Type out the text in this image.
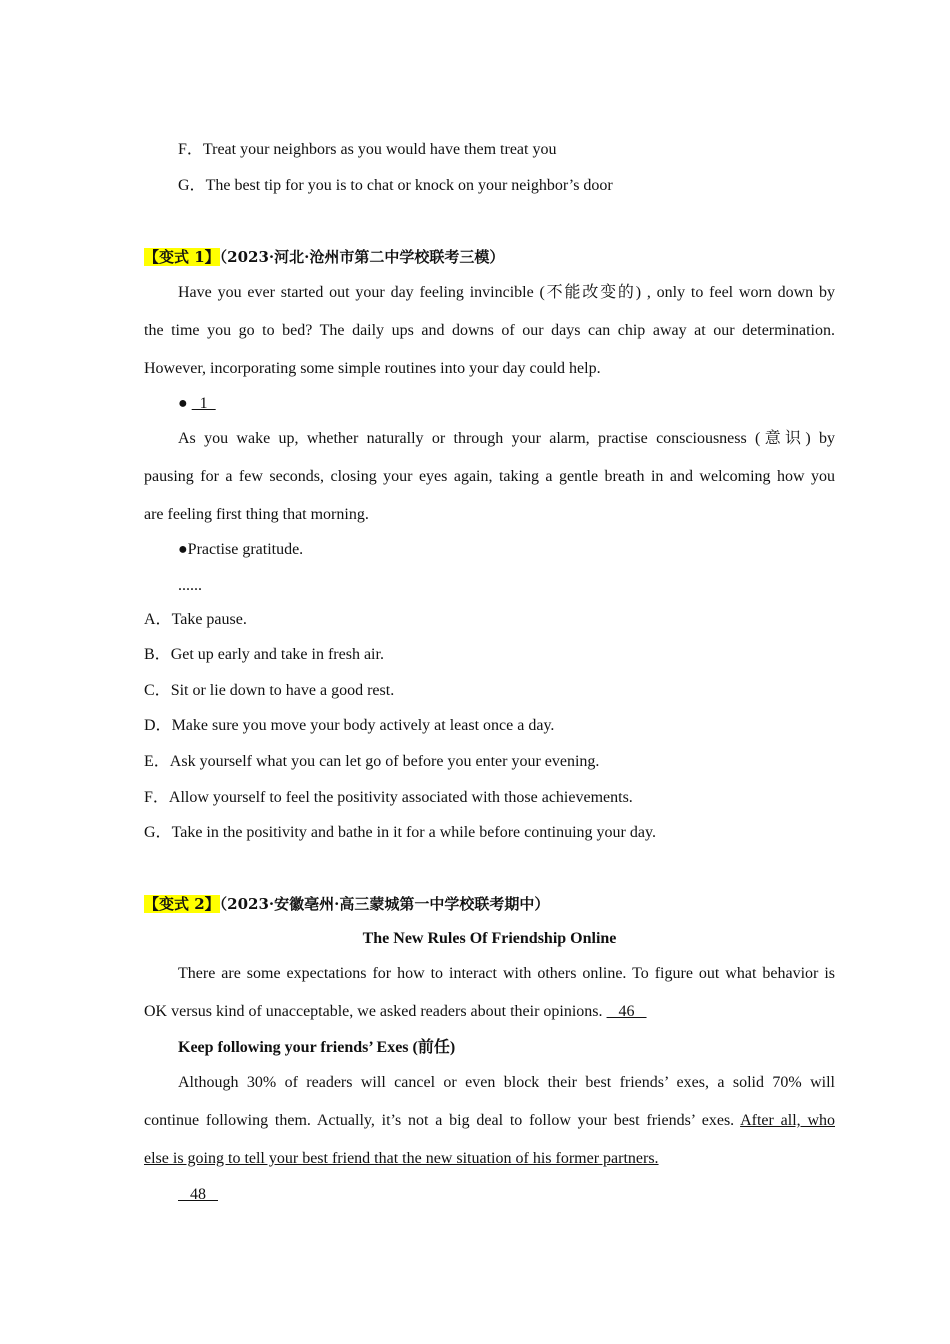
F．Treat your neighbors as you would have them treat you
G．The best tip for you is to chat or knock on your neighbor’s door
【变式 1】（2023·河北·沧州市第二中学校联考三模）
Have you ever started out your day feeling invincible (不能改变的) , only to feel worn down by
the time you go to bed? The daily ups and downs of our days can chip away at our determination.
However, incorporating some simple routines into your day could help.
●   1
As you wake up, whether naturally or through your alarm, practise consciousness (意识) by
pausing for a few seconds, closing your eyes again, taking a gentle breath in and welcoming how you
are feeling first thing that morning.
●Practise gratitude.
......
A．Take pause.
B．Get up early and take in fresh air.
C．Sit or lie down to have a good rest.
D．Make sure you move your body actively at least once a day.
E．Ask yourself what you can let go of before you enter your evening.
F．Allow yourself to feel the positivity associated with those achievements.
G．Take in the positivity and bathe in it for a while before continuing your day.
【变式 2】（2023·安徽亳州·高三蒙城第一中学校联考期中）
The New Rules Of Friendship Online
There are some expectations for how to interact with others online. To figure out what behavior is
OK versus kind of unacceptable, we asked readers about their opinions.    46
Keep following your friends’ Exes (前任)
Although 30% of readers will cancel or even block their best friends’ exes, a solid 70% will
continue following them. Actually, it’s not a big deal to follow your best friends’ exes. After all, who
else is going to tell your best friend that the new situation of his former partners.
48
